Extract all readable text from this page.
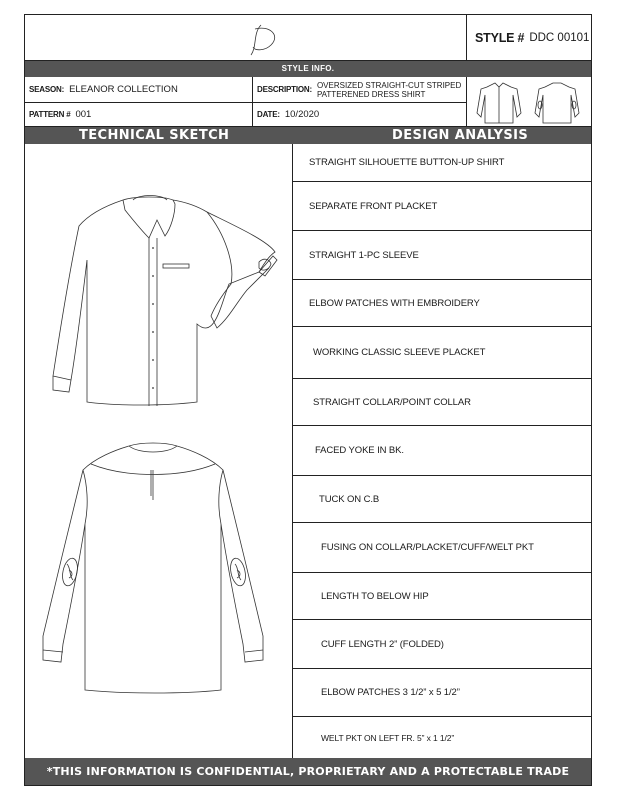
STYLE # DDC 00101
STYLE INFO.
SEASON: ELEANOR COLLECTION	DESCRIPTION: OVERSIZED STRAIGHT-CUT STRIPED PATTERENED DRESS SHIRT
PATTERN # 001	DATE: 10/2020
TECHNICAL SKETCH	DESIGN ANALYSIS
STRAIGHT SILHOUETTE BUTTON-UP SHIRT
SEPARATE FRONT PLACKET
STRAIGHT 1-PC SLEEVE
ELBOW PATCHES WITH EMBROIDERY
WORKING CLASSIC SLEEVE PLACKET
STRAIGHT COLLAR/POINT COLLAR
FACED YOKE IN BK.
TUCK ON C.B
FUSING ON COLLAR/PLACKET/CUFF/WELT PKT
LENGTH TO BELOW HIP
CUFF LENGTH 2” (FOLDED)
ELBOW PATCHES 3 1/2” x 5 1/2”
WELT PKT ON LEFT FR. 5” x 1 1/2”
*THIS INFORMATION IS CONFIDENTIAL, PROPRIETARY AND A PROTECTABLE TRADE SECRET OF DILA DESIGNS.CO*
